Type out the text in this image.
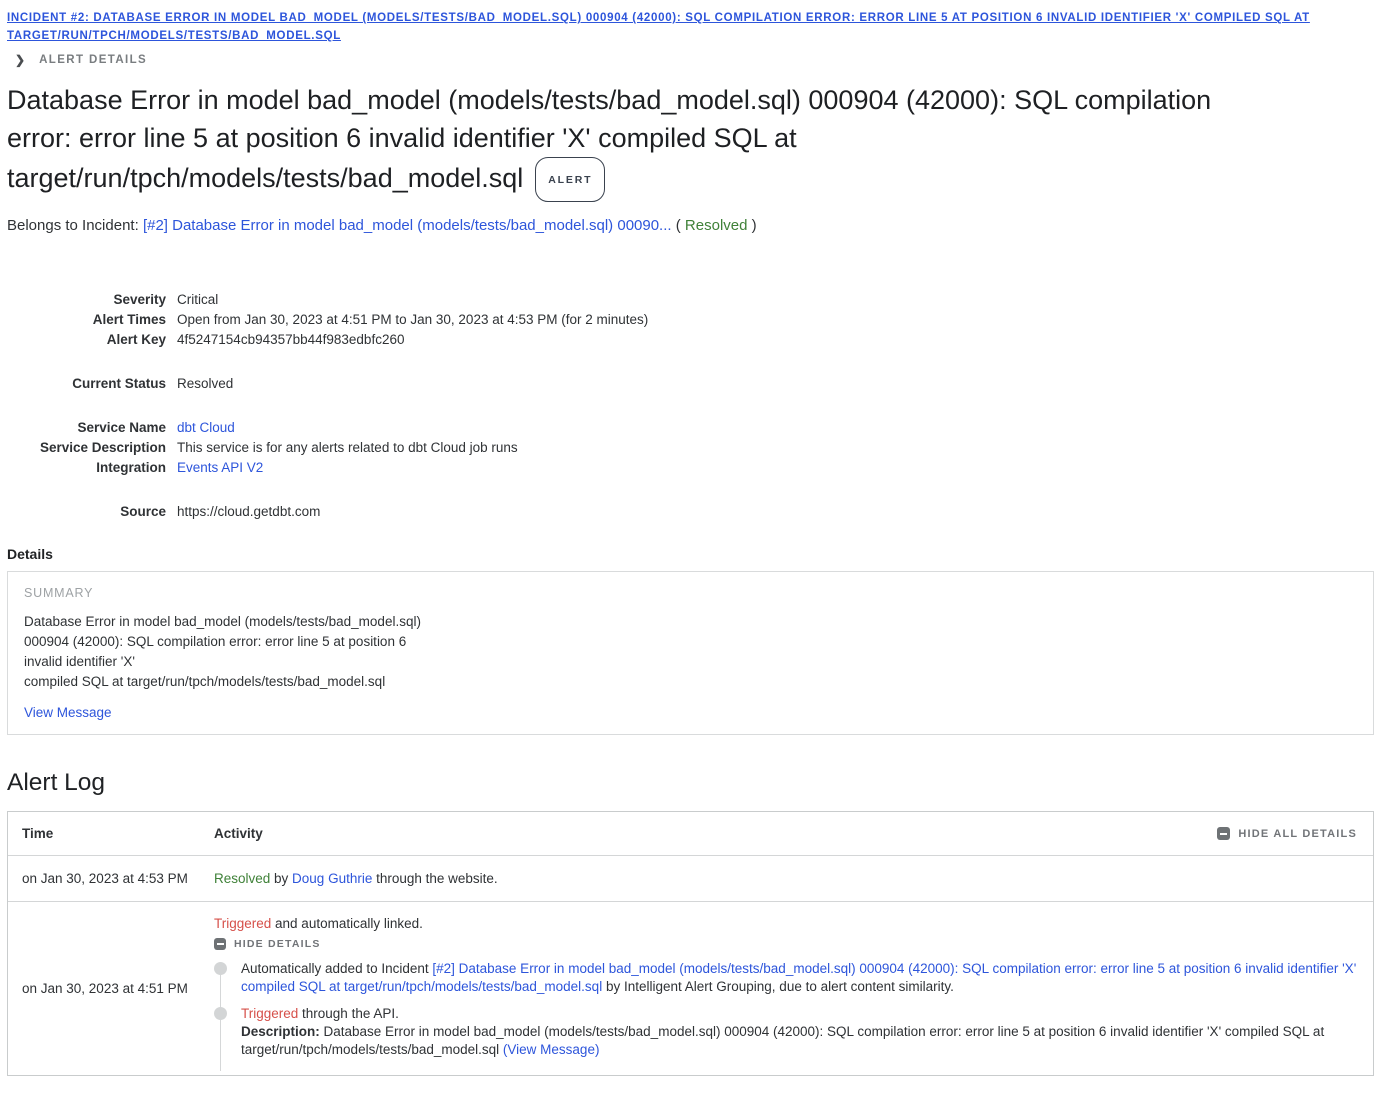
INCIDENT #2: DATABASE ERROR IN MODEL BAD_MODEL (MODELS/TESTS/BAD_MODEL.SQL) 000904 (42000): SQL COMPILATION ERROR: ERROR LINE 5 AT POSITION 6 INVALID IDENTIFIER 'X' COMPILED SQL AT TARGET/RUN/TPCH/MODELS/TESTS/BAD_MODEL.SQL
❯ ALERT DETAILS
Database Error in model bad_model (models/tests/bad_model.sql) 000904 (42000): SQL compilation error: error line 5 at position 6 invalid identifier 'X' compiled SQL at target/run/tpch/models/tests/bad_model.sql ALERT
Belongs to Incident: [#2] Database Error in model bad_model (models/tests/bad_model.sql) 00090... ( Resolved )
Severity Critical
Alert Times Open from Jan 30, 2023 at 4:51 PM to Jan 30, 2023 at 4:53 PM (for 2 minutes)
Alert Key 4f5247154cb94357bb44f983edbfc260
Current Status Resolved
Service Name dbt Cloud
Service Description This service is for any alerts related to dbt Cloud job runs
Integration Events API V2
Source https://cloud.getdbt.com
Details
SUMMARY
Database Error in model bad_model (models/tests/bad_model.sql)
000904 (42000): SQL compilation error: error line 5 at position 6
invalid identifier 'X'
compiled SQL at target/run/tpch/models/tests/bad_model.sql
View Message
Alert Log
Time	Activity	HIDE ALL DETAILS
on Jan 30, 2023 at 4:53 PM	Resolved by Doug Guthrie through the website.
on Jan 30, 2023 at 4:51 PM
Triggered and automatically linked.
HIDE DETAILS
Automatically added to Incident [#2] Database Error in model bad_model (models/tests/bad_model.sql) 000904 (42000): SQL compilation error: error line 5 at position 6 invalid identifier 'X' compiled SQL at target/run/tpch/models/tests/bad_model.sql by Intelligent Alert Grouping, due to alert content similarity.
Triggered through the API.
Description: Database Error in model bad_model (models/tests/bad_model.sql) 000904 (42000): SQL compilation error: error line 5 at position 6 invalid identifier 'X' compiled SQL at target/run/tpch/models/tests/bad_model.sql (View Message)
